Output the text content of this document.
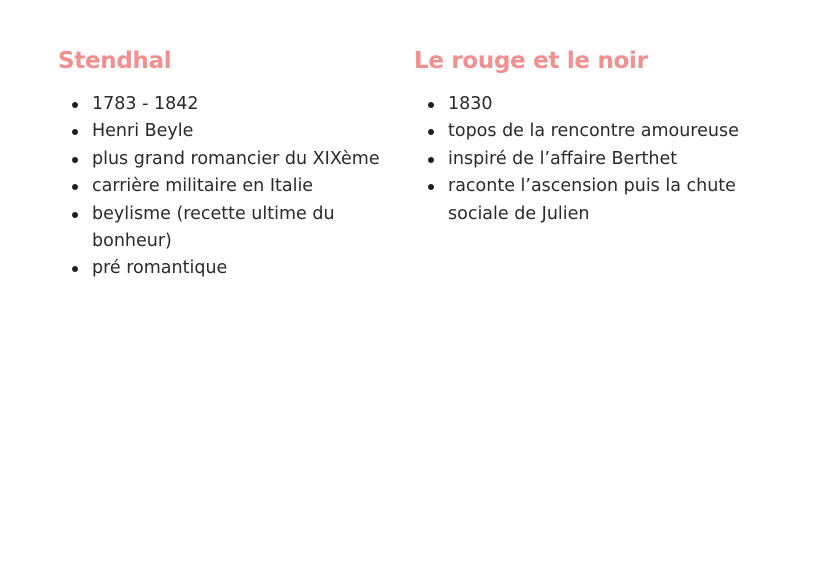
Stendhal
1783 - 1842
Henri Beyle
plus grand romancier du XIXème
carrière militaire en Italie
beylisme (recette ultime du bonheur)
pré romantique
Le rouge et le noir
1830
topos de la rencontre amoureuse
inspiré de l’affaire Berthet
raconte l’ascension puis la chute sociale de Julien
